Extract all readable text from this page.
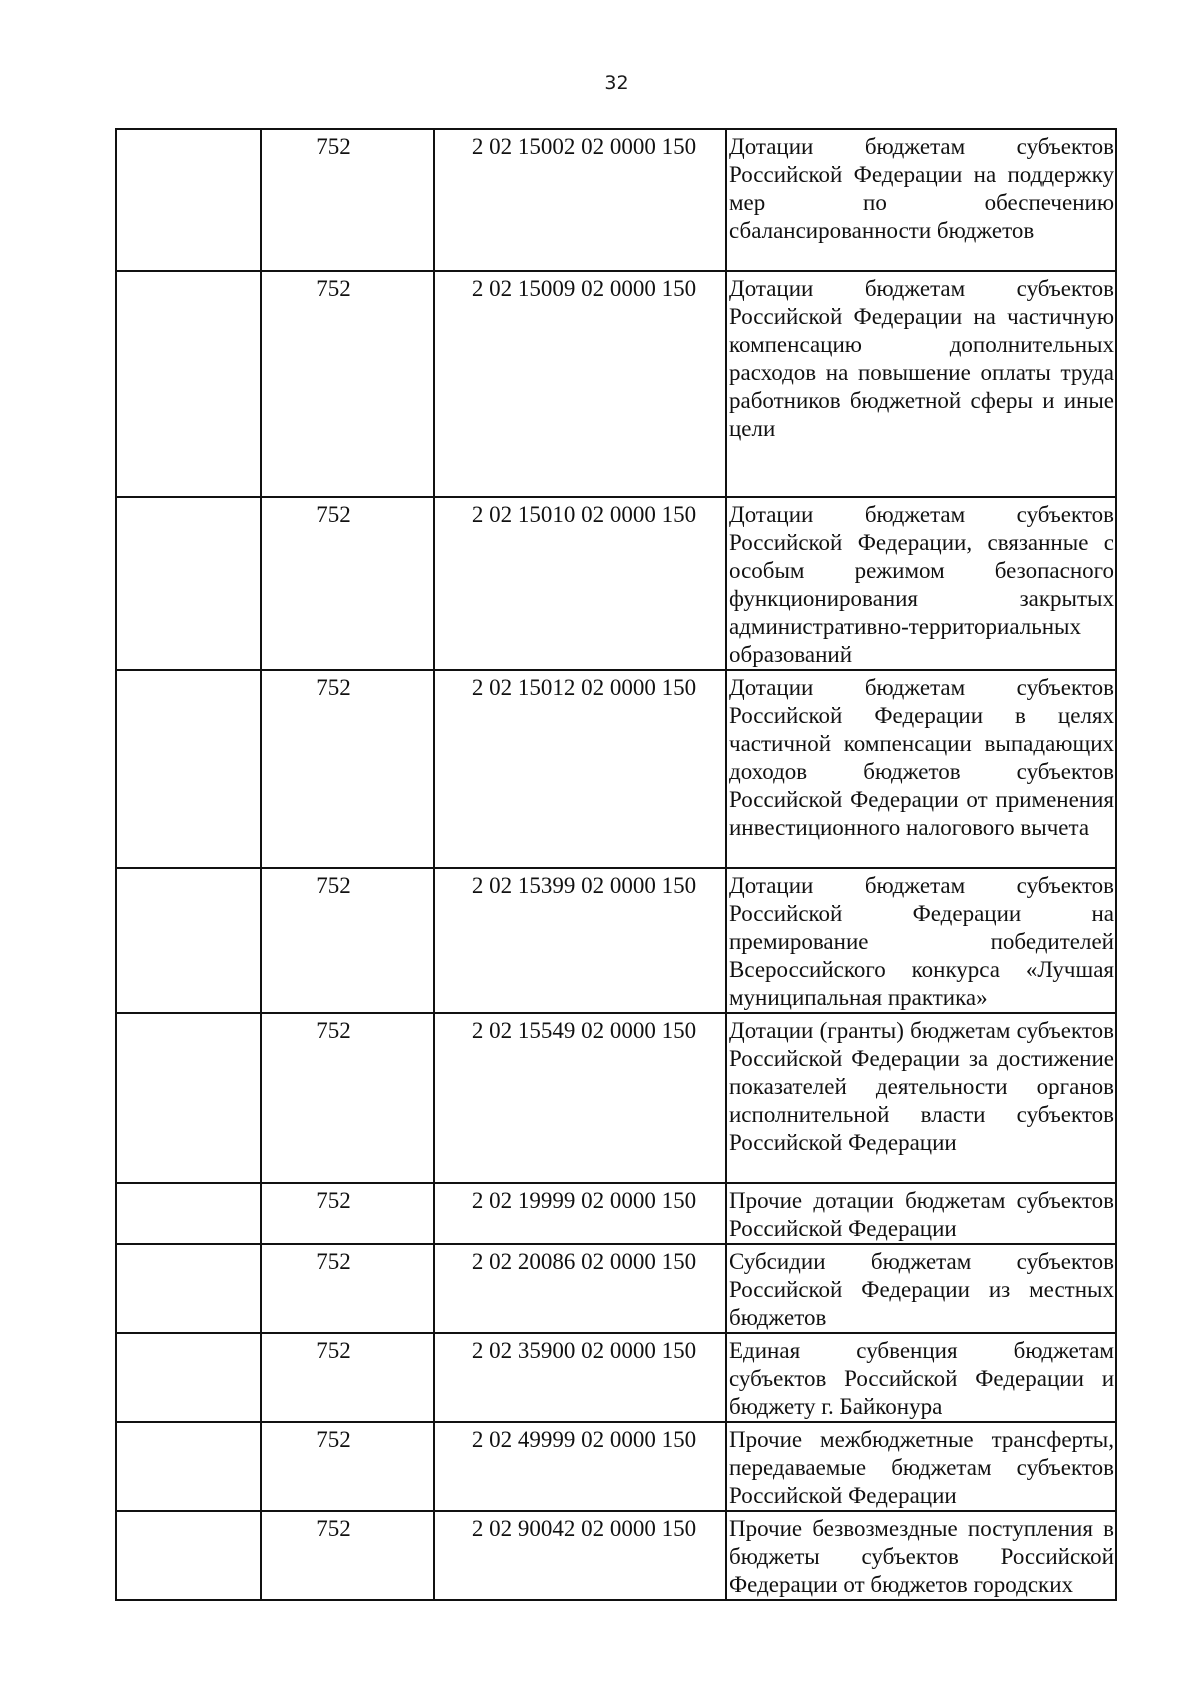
32
	752	2 02 15002 02 0000 150	Дотации бюджетам субъектов Российской Федерации на поддержку мер по обеспечению сбалансированности бюджетов
	752	2 02 15009 02 0000 150	Дотации бюджетам субъектов Российской Федерации на частичную компенсацию дополнительных расходов на повышение оплаты труда работников бюджетной сферы и иные цели
	752	2 02 15010 02 0000 150	Дотации бюджетам субъектов Российской Федерации, связанные с особым режимом безопасного функционирования закрытых административно-территориальных образований
	752	2 02 15012 02 0000 150	Дотации бюджетам субъектов Российской Федерации в целях частичной компенсации выпадающих доходов бюджетов субъектов Российской Федерации от применения инвестиционного налогового вычета
	752	2 02 15399 02 0000 150	Дотации бюджетам субъектов Российской Федерации на премирование победителей Всероссийского конкурса «Лучшая муниципальная практика»
	752	2 02 15549 02 0000 150	Дотации (гранты) бюджетам субъектов Российской Федерации за достижение показателей деятельности органов исполнительной власти субъектов Российской Федерации
	752	2 02 19999 02 0000 150	Прочие дотации бюджетам субъектов Российской Федерации
	752	2 02 20086 02 0000 150	Субсидии бюджетам субъектов Российской Федерации из местных бюджетов
	752	2 02 35900 02 0000 150	Единая субвенция бюджетам субъектов Российской Федерации и бюджету г. Байконура
	752	2 02 49999 02 0000 150	Прочие межбюджетные трансферты, передаваемые бюджетам субъектов Российской Федерации
	752	2 02 90042 02 0000 150	Прочие безвозмездные поступления в бюджеты субъектов Российской Федерации от бюджетов городских
